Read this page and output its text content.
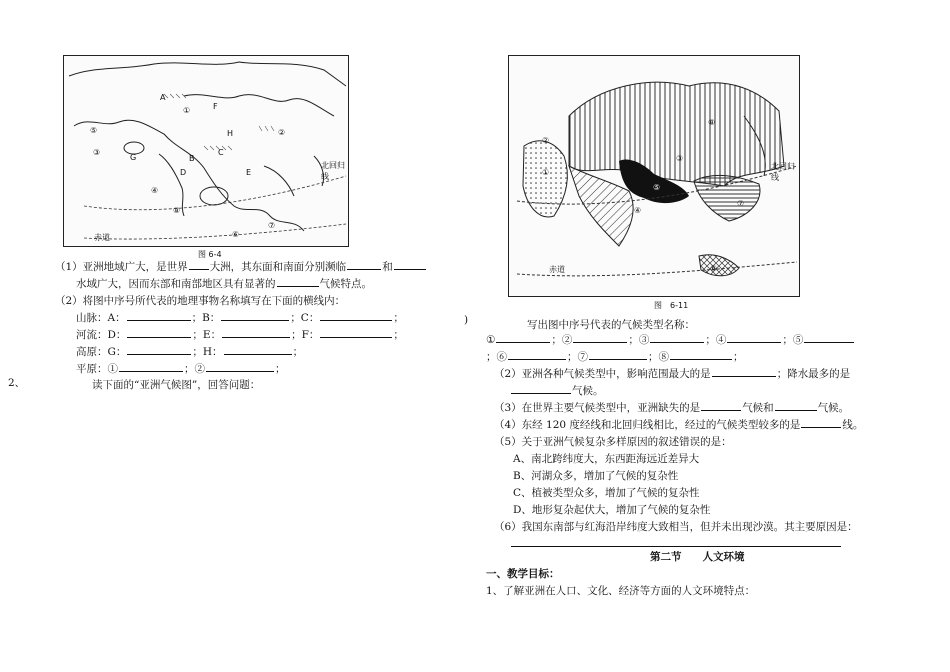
A
B
C
D	E
F
G
H
①
②
③
④
⑤
⑥
⑦
⑧
北回归线
赤道
图 6-4
（1）亚洲地域广大，是世界 大洲，其东面和南面分别濒临	和
水域广大，因而东部和南部地区具有显著的	气候特点。
（2）将图中序号所代表的地理事物名称填写在下面的横线内：
山脉：A：	；B：	；C：	；
河流：D：	；E：	；F：	；
高原：G：	；H：	；
平原：①	；②	；
2、	读下面的“亚洲气候图”，回答问题：
①
②
③
④
⑤
⑥
⑦
⑧
北回归线
赤道
图　6-11
)	写出图中序号代表的气候类型名称：
①	；②	；③	；④	；⑤
；⑥	；⑦	；⑧	；
（2）亚洲各种气候类型中，影响范围最大的是	；降水最多的是
气候。
（3）在世界主要气候类型中，亚洲缺失的是	气候和	气候。
（4）东经 120 度经线和北回归线相比，经过的气候类型较多的是	线。
（5）关于亚洲气候复杂多样原因的叙述错误的是：
A、南北跨纬度大，东西距海远近差异大
B、河湖众多，增加了气候的复杂性
C、植被类型众多，增加了气候的复杂性
D、地形复杂起伏大，增加了气候的复杂性
（6）我国东南部与红海沿岸纬度大致相当，但并未出现沙漠。其主要原因是：
第二节　　人文环境
一、教学目标：
1、了解亚洲在人口、文化、经济等方面的人文环境特点：
